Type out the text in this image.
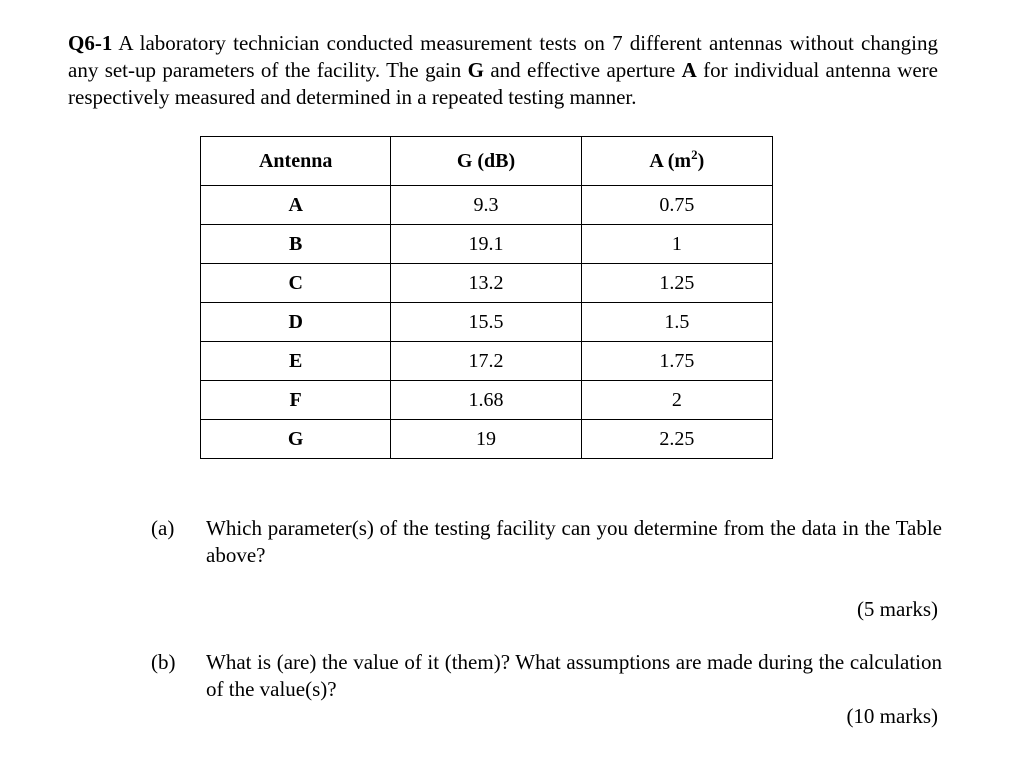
Q6-1 A laboratory technician conducted measurement tests on 7 different antennas without changing any set-up parameters of the facility. The gain G and effective aperture A for individual antenna were respectively measured and determined in a repeated testing manner.
Antenna	G (dB)	A $(m^2)$
A	9.3	0.75
B	19.1	1
C	13.2	1.25
D	15.5	1.5
E	17.2	1.75
F	1.68	2
G	19	2.25
(a) Which parameter(s) of the testing facility can you determine from the data in the Table above?
(5 marks)
(b) What is (are) the value of it (them)? What assumptions are made during the calculation of the value(s)?
(10 marks)
